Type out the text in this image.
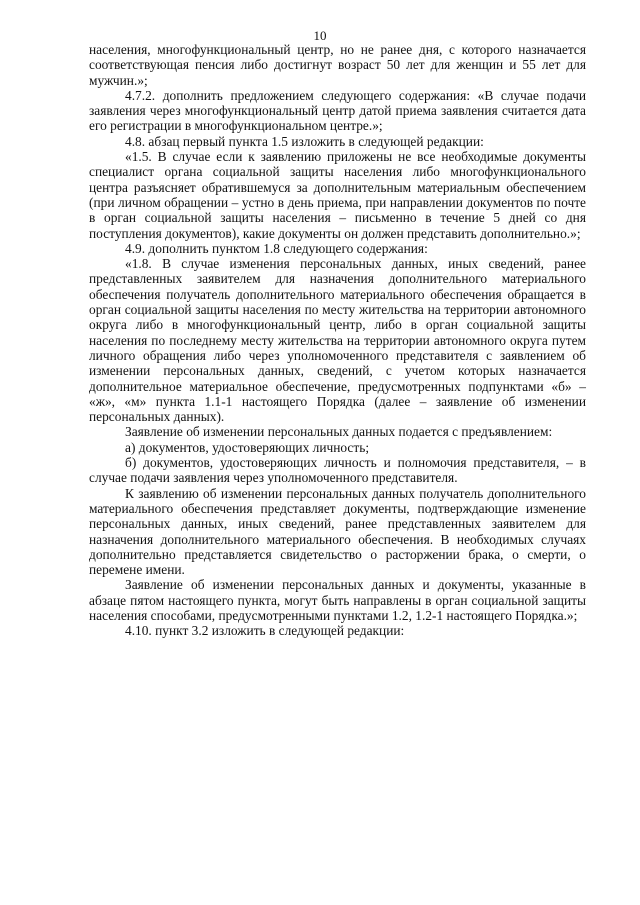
10

населения, многофункциональный центр, но не ранее дня, с которого назначается соответствующая пенсия либо достигнут возраст 50 лет для женщин и 55 лет для мужчин.»;

4.7.2. дополнить предложением следующего содержания: «В случае подачи заявления через многофункциональный центр датой приема заявления считается дата его регистрации в многофункциональном центре.»;

4.8. абзац первый пункта 1.5 изложить в следующей редакции:

«1.5. В случае если к заявлению приложены не все необходимые документы специалист органа социальной защиты населения либо многофункционального центра разъясняет обратившемуся за дополнительным материальным обеспечением (при личном обращении – устно в день приема, при направлении документов по почте в орган социальной защиты населения – письменно в течение 5 дней со дня поступления документов), какие документы он должен представить дополнительно.»;

4.9. дополнить пунктом 1.8 следующего содержания:

«1.8. В случае изменения персональных данных, иных сведений, ранее представленных заявителем для назначения дополнительного материального обеспечения получатель дополнительного материального обеспечения обращается в орган социальной защиты населения по месту жительства на территории автономного округа либо в многофункциональный центр, либо в орган социальной защиты населения по последнему месту жительства на территории автономного округа путем личного обращения либо через уполномоченного представителя с заявлением об изменении персональных данных, сведений, с учетом которых назначается дополнительное материальное обеспечение, предусмотренных подпунктами «б» – «ж», «м» пункта 1.1-1 настоящего Порядка (далее – заявление об изменении персональных данных).

Заявление об изменении персональных данных подается с предъявлением:

а) документов, удостоверяющих личность;

б) документов, удостоверяющих личность и полномочия представителя, – в случае подачи заявления через уполномоченного представителя.

К заявлению об изменении персональных данных получатель дополнительного материального обеспечения представляет документы, подтверждающие изменение персональных данных, иных сведений, ранее представленных заявителем для назначения дополнительного материального обеспечения. В необходимых случаях дополнительно представляется свидетельство о расторжении брака, о смерти, о перемене имени.

Заявление об изменении персональных данных и документы, указанные в абзаце пятом настоящего пункта, могут быть направлены в орган социальной защиты населения способами, предусмотренными пунктами 1.2, 1.2-1 настоящего Порядка.»;

4.10. пункт 3.2 изложить в следующей редакции:
